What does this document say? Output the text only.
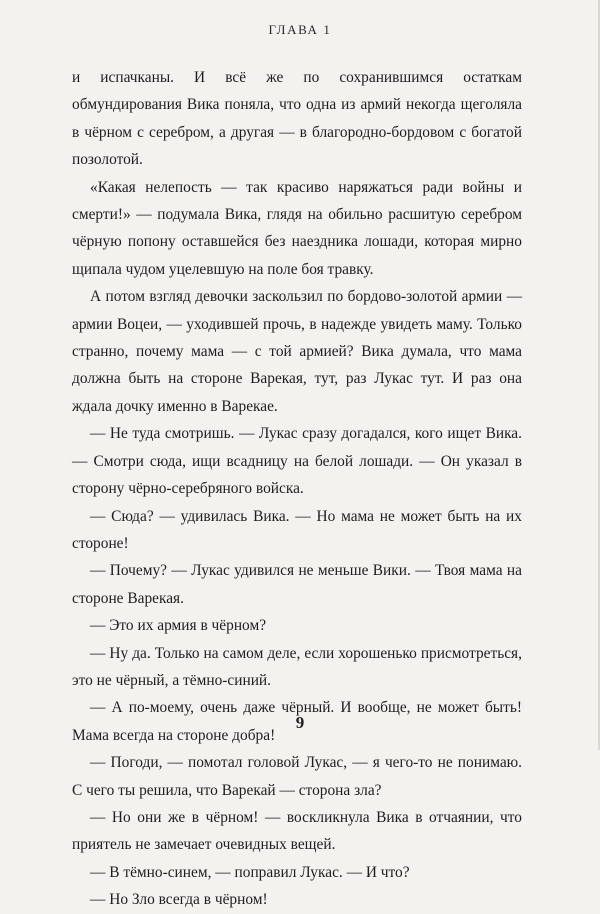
ГЛАВА 1

и испачканы. И всё же по сохранившимся остаткам обмундирования Вика поняла, что одна из армий некогда щеголяла в чёрном с серебром, а другая — в благородно-бордовом с богатой позолотой.

«Какая нелепость — так красиво наряжаться ради войны и смерти!» — подумала Вика, глядя на обильно расшитую серебром чёрную попону оставшейся без наездника лошади, которая мирно щипала чудом уцелевшую на поле боя травку.

А потом взгляд девочки заскользил по бордово-золотой армии — армии Воцеи, — уходившей прочь, в надежде увидеть маму. Только странно, почему мама — с той армией? Вика думала, что мама должна быть на стороне Варекая, тут, раз Лукас тут. И раз она ждала дочку именно в Варекае.

— Не туда смотришь. — Лукас сразу догадался, кого ищет Вика. — Смотри сюда, ищи всадницу на белой лошади. — Он указал в сторону чёрно-серебряного войска.

— Сюда? — удивилась Вика. — Но мама не может быть на их стороне!

— Почему? — Лукас удивился не меньше Вики. — Твоя мама на стороне Варекая.

— Это их армия в чёрном?

— Ну да. Только на самом деле, если хорошенько присмотреться, это не чёрный, а тёмно-синий.

— А по-моему, очень даже чёрный. И вообще, не может быть! Мама всегда на стороне добра!

— Погоди, — помотал головой Лукас, — я чего-то не понимаю. С чего ты решила, что Варекай — сторона зла?

— Но они же в чёрном! — воскликнула Вика в отчаянии, что приятель не замечает очевидных вещей.

— В тёмно-синем, — поправил Лукас. — И что?

— Но Зло всегда в чёрном!

9
